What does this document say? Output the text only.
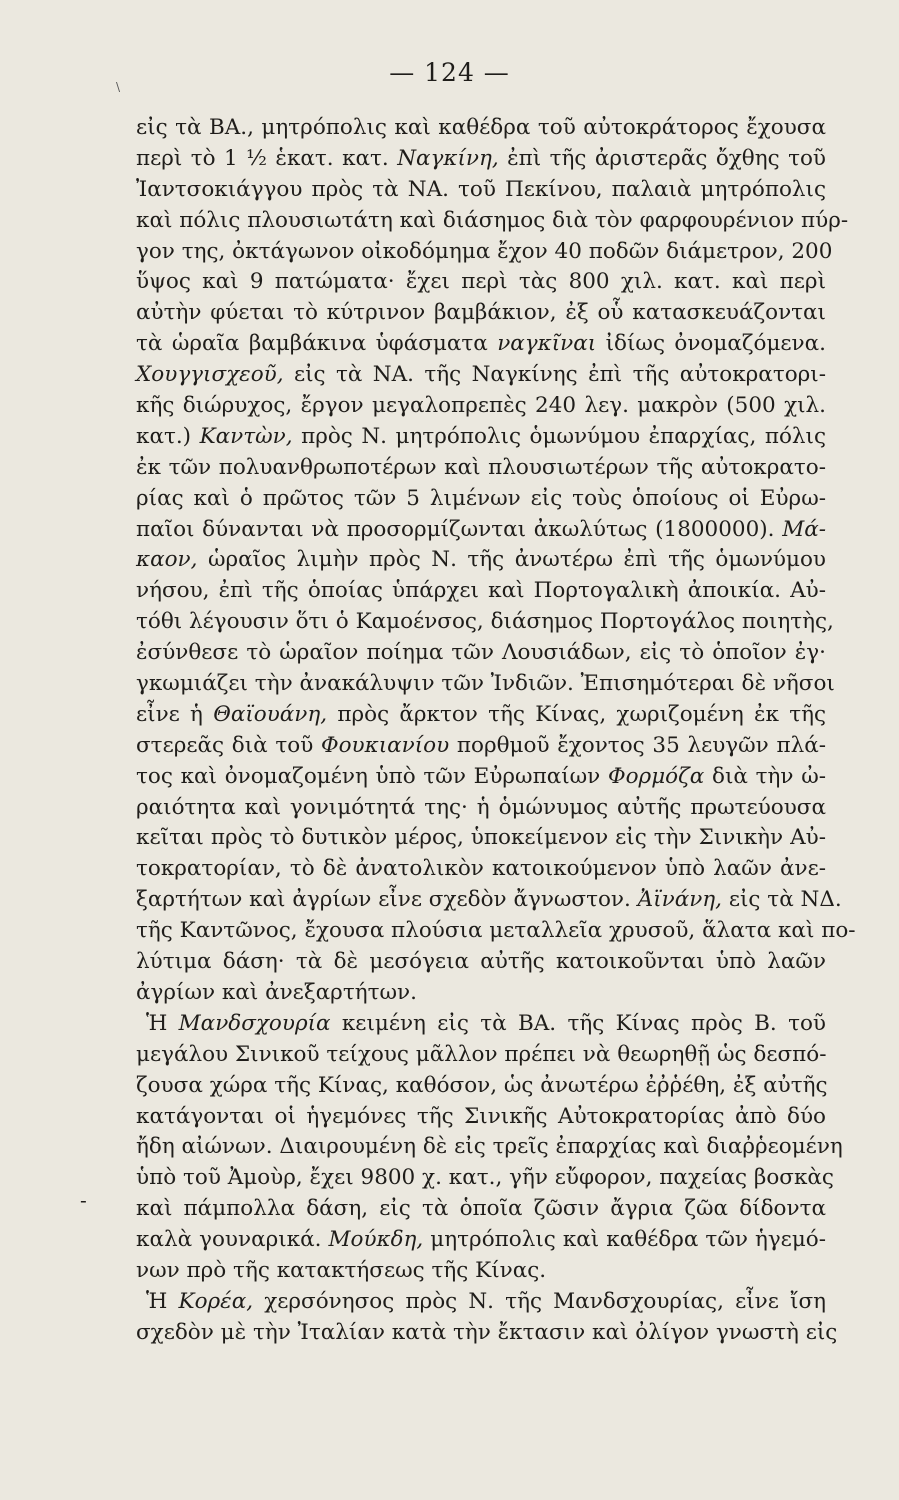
\	— 124 —
-
εἰς τὰ ΒΑ., μητρόπολις καὶ καθέδρα τοῦ αὐτοκράτορος ἔχουσα
περὶ τὸ 1 ½ ἑκατ. κατ. Ναγκίνη, ἐπὶ τῆς ἀριστερᾶς ὄχθης τοῦ
Ἰαντσοκιάγγου πρὸς τὰ ΝΑ. τοῦ Πεκίνου, παλαιὰ μητρόπολις
καὶ πόλις πλουσιωτάτη καὶ διάσημος διὰ τὸν φαρφουρένιον πύρ-
γον της, ὀκτάγωνον οἰκοδόμημα ἔχον 40 ποδῶν διάμετρον, 200
ὕψος καὶ 9 πατώματα· ἔχει περὶ τὰς 800 χιλ. κατ. καὶ περὶ
αὐτὴν φύεται τὸ κύτρινον βαμβάκιον, ἐξ οὗ κατασκευάζονται
τὰ ὡραῖα βαμβάκινα ὑφάσματα ναγκῖναι ἰδίως ὀνομαζόμενα.
Χουγγισχεοῦ, εἰς τὰ ΝΑ. τῆς Ναγκίνης ἐπὶ τῆς αὐτοκρατορι-
κῆς διώρυχος, ἔργον μεγαλοπρεπὲς 240 λεγ. μακρὸν (500 χιλ.
κατ.) Καντὼν, πρὸς Ν. μητρόπολις ὁμωνύμου ἐπαρχίας, πόλις
ἐκ τῶν πολυανθρωποτέρων καὶ πλουσιωτέρων τῆς αὐτοκρατο-
ρίας καὶ ὁ πρῶτος τῶν 5 λιμένων εἰς τοὺς ὁποίους οἱ Εὐρω-
παῖοι δύνανται νὰ προσορμίζωνται ἀκωλύτως (1800000). Μά-
καον, ὡραῖος λιμὴν πρὸς Ν. τῆς ἀνωτέρω ἐπὶ τῆς ὁμωνύμου
νήσου, ἐπὶ τῆς ὁποίας ὑπάρχει καὶ Πορτογαλικὴ ἀποικία. Αὐ-
τόθι λέγουσιν ὅτι ὁ Καμοένσος, διάσημος Πορτογάλος ποιητὴς,
ἐσύνθεσε τὸ ὡραῖον ποίημα τῶν Λουσιάδων, εἰς τὸ ὁποῖον ἐγ·
γκωμιάζει τὴν ἀνακάλυψιν τῶν Ἰνδιῶν. Ἐπισημότεραι δὲ νῆσοι
εἶνε ἡ Θαϊουάνη, πρὸς ἄρκτον τῆς Κίνας, χωριζομένη ἐκ τῆς
στερεᾶς διὰ τοῦ Φουκιανίου πορθμοῦ ἔχοντος 35 λευγῶν πλά-
τος καὶ ὀνομαζομένη ὑπὸ τῶν Εὐρωπαίων Φορμόζα διὰ τὴν ὠ-
ραιότητα καὶ γονιμότητά της· ἡ ὁμώνυμος αὐτῆς πρωτεύουσα
κεῖται πρὸς τὸ δυτικὸν μέρος, ὑποκείμενον εἰς τὴν Σινικὴν Αὐ-
τοκρατορίαν, τὸ δὲ ἀνατολικὸν κατοικούμενον ὑπὸ λαῶν ἀνε-
ξαρτήτων καὶ ἀγρίων εἶνε σχεδὸν ἄγνωστον. Ἀϊνάνη, εἰς τὰ ΝΔ.
τῆς Καντῶνος, ἔχουσα πλούσια μεταλλεῖα χρυσοῦ, ἅλατα καὶ πο-
λύτιμα δάση· τὰ δὲ μεσόγεια αὐτῆς κατοικοῦνται ὑπὸ λαῶν
ἀγρίων καὶ ἀνεξαρτήτων.
Ἡ Μανδσχουρία κειμένη εἰς τὰ ΒΑ. τῆς Κίνας πρὸς Β. τοῦ
μεγάλου Σινικοῦ τείχους μᾶλλον πρέπει νὰ θεωρηθῇ ὡς δεσπό-
ζουσα χώρα τῆς Κίνας, καθόσον, ὡς ἀνωτέρω ἐῤῥέθη, ἐξ αὐτῆς
κατάγονται οἱ ἡγεμόνες τῆς Σινικῆς Αὐτοκρατορίας ἀπὸ δύο
ἤδη αἰώνων. Διαιρουμένη δὲ εἰς τρεῖς ἐπαρχίας καὶ διαῤῥεομένη
ὑπὸ τοῦ Ἀμοὺρ, ἔχει 9800 χ. κατ., γῆν εὔφορον, παχείας βοσκὰς
καὶ πάμπολλα δάση, εἰς τὰ ὁποῖα ζῶσιν ἄγρια ζῶα δίδοντα
καλὰ γουναρικά. Μούκδη, μητρόπολις καὶ καθέδρα τῶν ἡγεμό-
νων πρὸ τῆς κατακτήσεως τῆς Κίνας.
Ἡ Κορέα, χερσόνησος πρὸς Ν. τῆς Μανδσχουρίας, εἶνε ἴση
σχεδὸν μὲ τὴν Ἰταλίαν κατὰ τὴν ἔκτασιν καὶ ὀλίγον γνωστὴ εἰς
